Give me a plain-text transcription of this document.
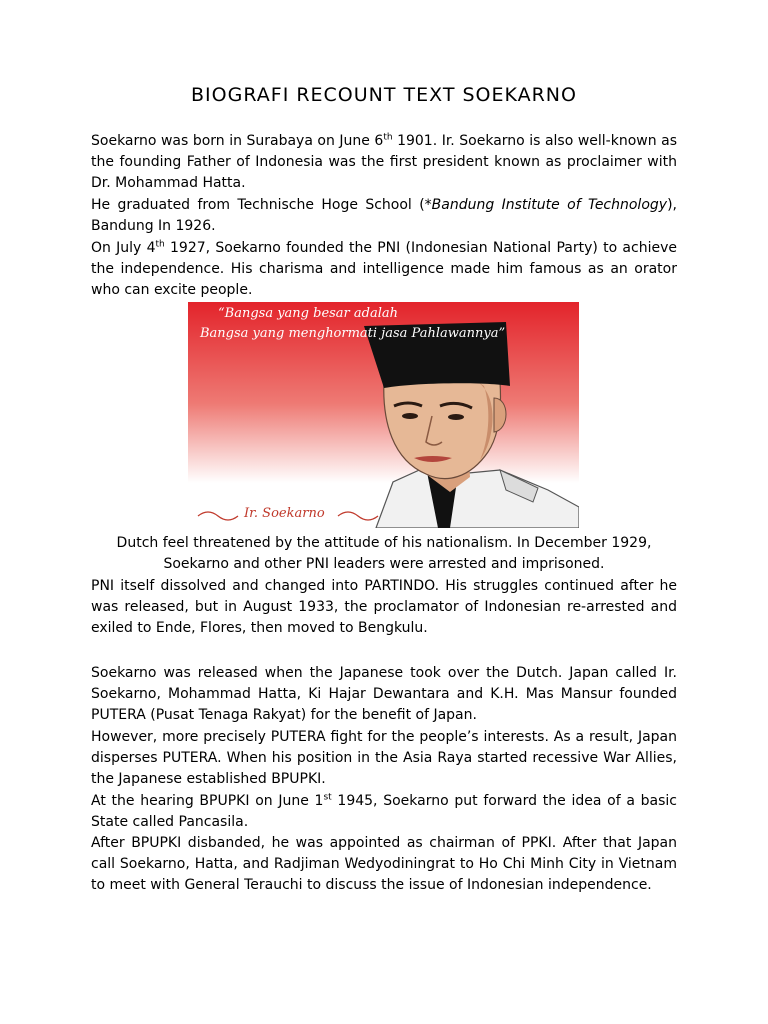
BIOGRAFI RECOUNT TEXT SOEKARNO

Soekarno was born in Surabaya on June 6th 1901. Ir. Soekarno is also well-known as the founding Father of Indonesia was the first president known as proclaimer with Dr. Mohammad Hatta.

He graduated from Technische Hoge School (*Bandung Institute of Technology), Bandung In 1926.

On July 4th 1927, Soekarno founded the PNI (Indonesian National Party) to achieve the independence. His charisma and intelligence made him famous as an orator who can excite people.

“Bangsa yang besar adalah
Bangsa yang menghormati jasa Pahlawannya”
Ir. Soekarno

Dutch feel threatened by the attitude of his nationalism. In December 1929, Soekarno and other PNI leaders were arrested and imprisoned.

PNI itself dissolved and changed into PARTINDO. His struggles continued after he was released, but in August 1933, the proclamator of Indonesian re-arrested and exiled to Ende, Flores, then moved to Bengkulu.

Soekarno was released when the Japanese took over the Dutch. Japan called Ir. Soekarno, Mohammad Hatta, Ki Hajar Dewantara and K.H. Mas Mansur founded PUTERA (Pusat Tenaga Rakyat) for the benefit of Japan.

However, more precisely PUTERA fight for the people’s interests. As a result, Japan disperses PUTERA. When his position in the Asia Raya started recessive War Allies, the Japanese established BPUPKI.

At the hearing BPUPKI on June 1st 1945, Soekarno put forward the idea of a basic State called Pancasila.

After BPUPKI disbanded, he was appointed as chairman of PPKI. After that Japan call Soekarno, Hatta, and Radjiman Wedyodiningrat to Ho Chi Minh City in Vietnam to meet with General Terauchi to discuss the issue of Indonesian independence.
